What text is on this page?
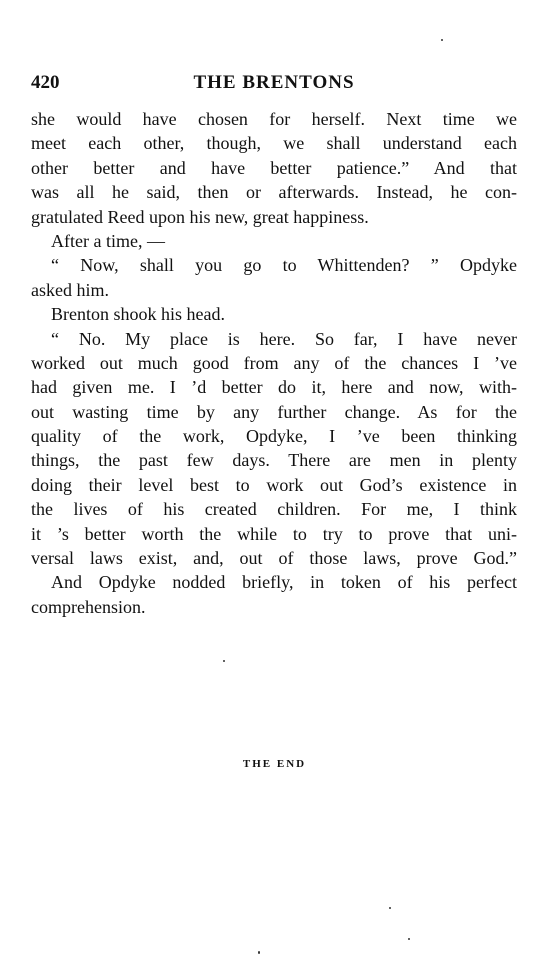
420	THE BRENTONS
she would have chosen for herself. Next time we
meet each other, though, we shall understand each
other better and have better patience.” And that
was all he said, then or afterwards. Instead, he con-
gratulated Reed upon his new, great happiness.
After a time, —
“ Now, shall you go to Whittenden? ” Opdyke
asked him.
Brenton shook his head.
“ No. My place is here. So far, I have never
worked out much good from any of the chances I ’ve
had given me. I ’d better do it, here and now, with-
out wasting time by any further change. As for the
quality of the work, Opdyke, I ’ve been thinking
things, the past few days. There are men in plenty
doing their level best to work out God’s existence in
the lives of his created children. For me, I think
it ’s better worth the while to try to prove that uni-
versal laws exist, and, out of those laws, prove God.”
And Opdyke nodded briefly, in token of his perfect
comprehension.
THE END
